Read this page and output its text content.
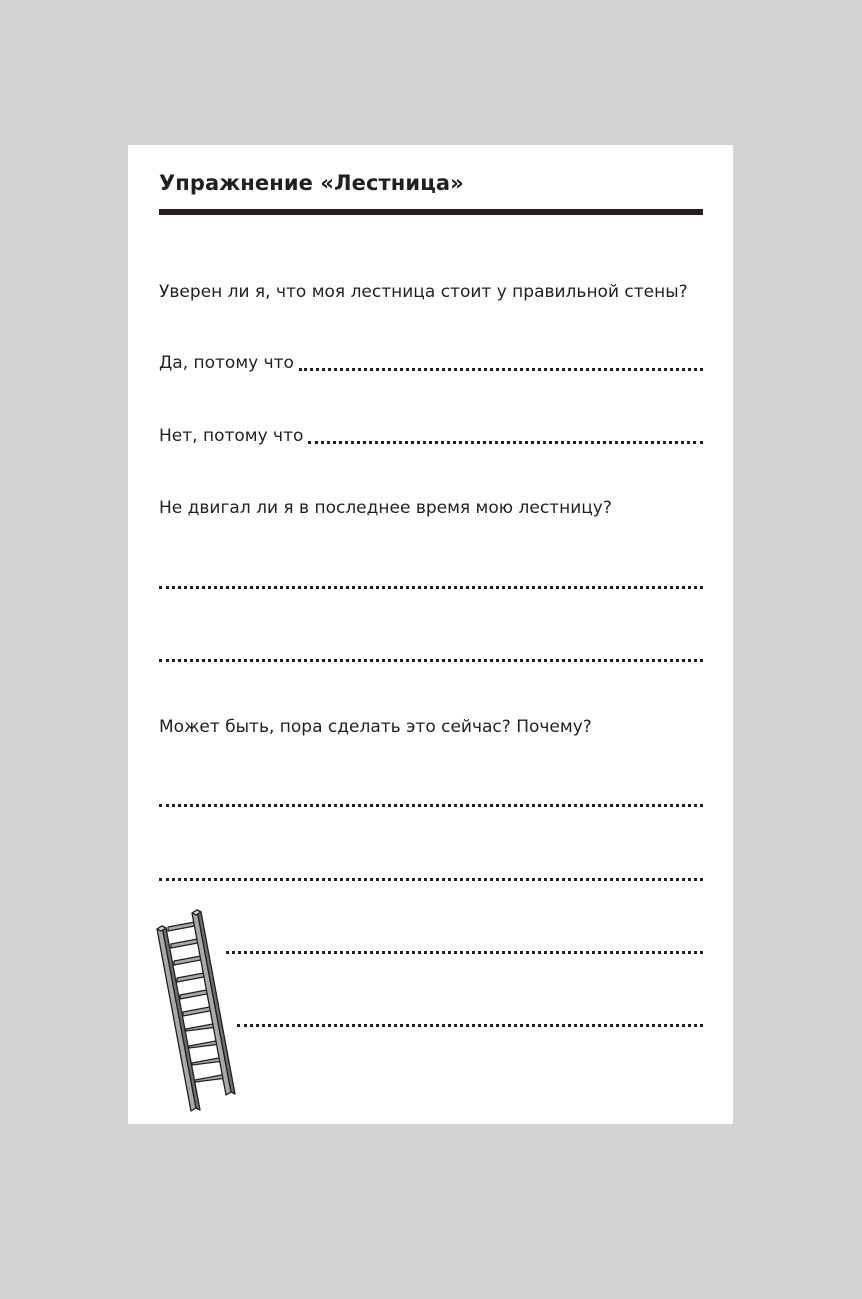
Упражнение «Лестница»

Уверен ли я, что моя лестница стоит у правильной стены?

Да, потому что
Нет, потому что

Не двигал ли я в последнее время мою лестницу?

Может быть, пора сделать это сейчас? Почему?
